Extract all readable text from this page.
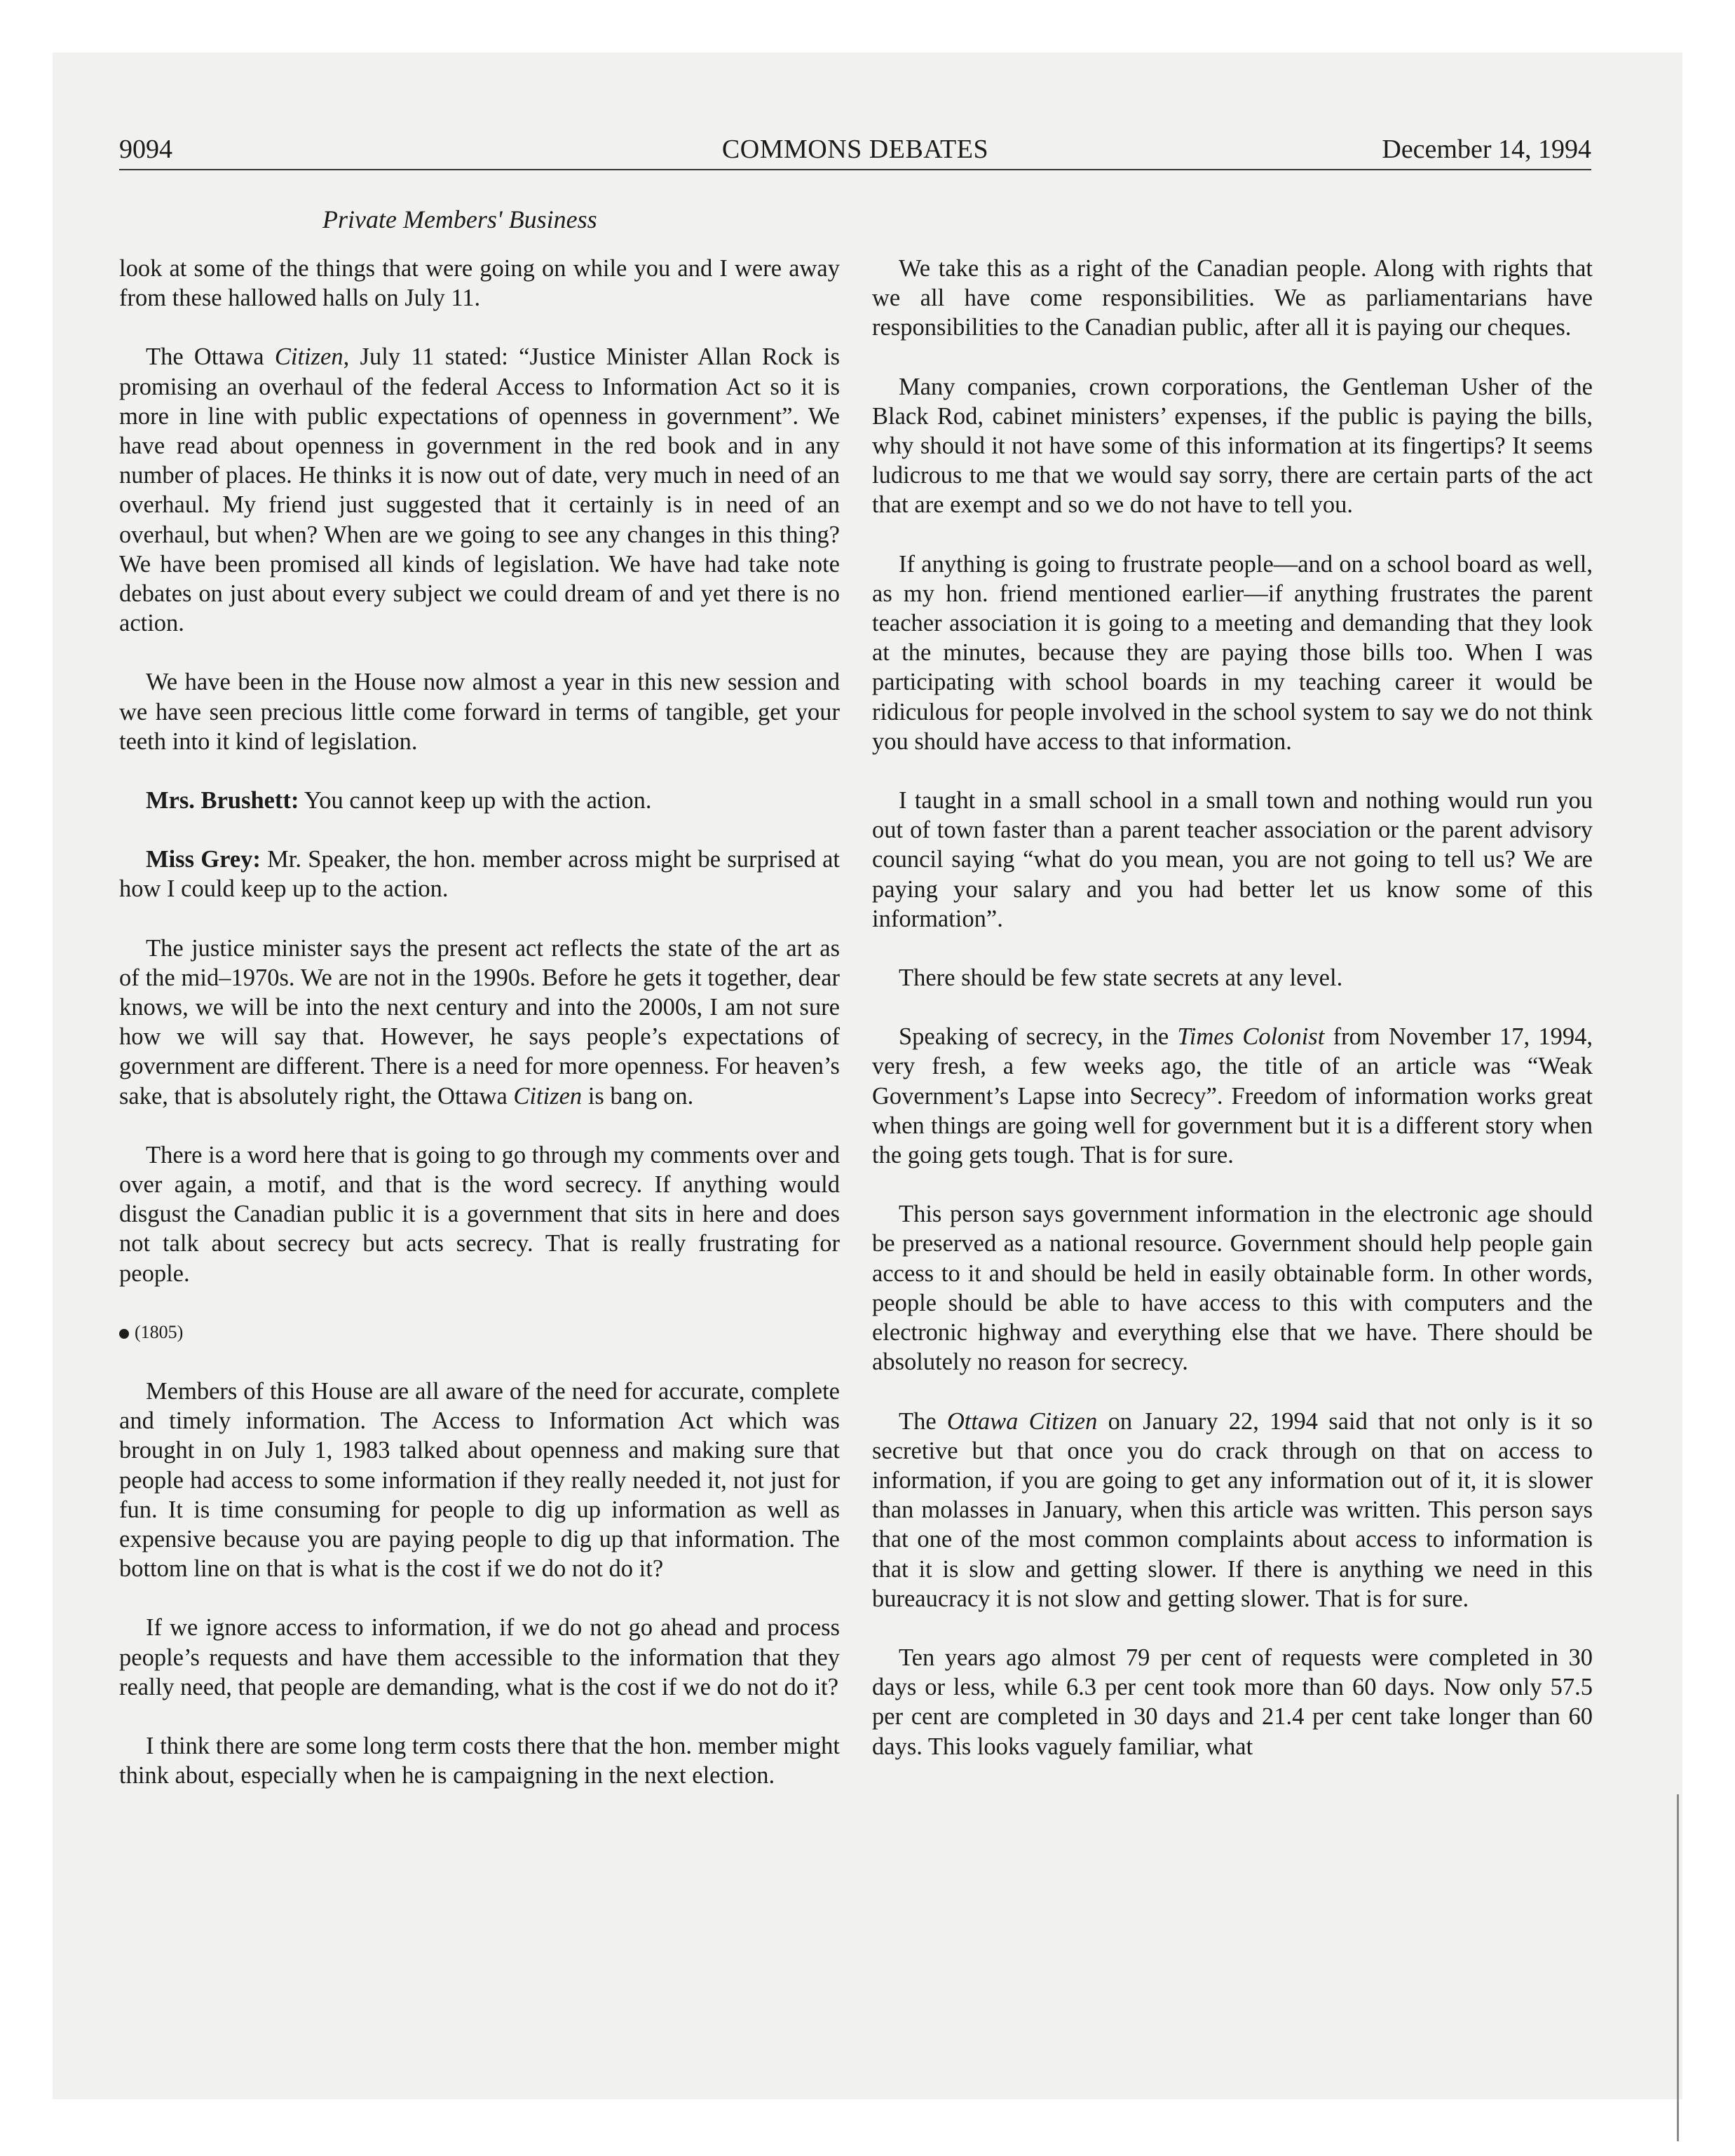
9094	COMMONS DEBATES	December 14, 1994
Private Members' Business

look at some of the things that were going on while you and I were away from these hallowed halls on July 11.

The Ottawa Citizen, July 11 stated: “Justice Minister Allan Rock is promising an overhaul of the federal Access to Information Act so it is more in line with public expectations of openness in government”. We have read about openness in government in the red book and in any number of places. He thinks it is now out of date, very much in need of an overhaul. My friend just suggested that it certainly is in need of an overhaul, but when? When are we going to see any changes in this thing? We have been promised all kinds of legislation. We have had take note debates on just about every subject we could dream of and yet there is no action.

We have been in the House now almost a year in this new session and we have seen precious little come forward in terms of tangible, get your teeth into it kind of legislation.

Mrs. Brushett: You cannot keep up with the action.

Miss Grey: Mr. Speaker, the hon. member across might be surprised at how I could keep up to the action.

The justice minister says the present act reflects the state of the art as of the mid–1970s. We are not in the 1990s. Before he gets it together, dear knows, we will be into the next century and into the 2000s, I am not sure how we will say that. However, he says people’s expectations of government are different. There is a need for more openness. For heaven’s sake, that is absolutely right, the Ottawa Citizen is bang on.

There is a word here that is going to go through my comments over and over again, a motif, and that is the word secrecy. If anything would disgust the Canadian public it is a government that sits in here and does not talk about secrecy but acts secrecy. That is really frustrating for people.

(1805)

Members of this House are all aware of the need for accurate, complete and timely information. The Access to Information Act which was brought in on July 1, 1983 talked about openness and making sure that people had access to some information if they really needed it, not just for fun. It is time consuming for people to dig up information as well as expensive because you are paying people to dig up that information. The bottom line on that is what is the cost if we do not do it?

If we ignore access to information, if we do not go ahead and process people’s requests and have them accessible to the information that they really need, that people are demanding, what is the cost if we do not do it?

I think there are some long term costs there that the hon. member might think about, especially when he is campaigning in the next election.

We take this as a right of the Canadian people. Along with rights that we all have come responsibilities. We as parliamentarians have responsibilities to the Canadian public, after all it is paying our cheques.

Many companies, crown corporations, the Gentleman Usher of the Black Rod, cabinet ministers’ expenses, if the public is paying the bills, why should it not have some of this information at its fingertips? It seems ludicrous to me that we would say sorry, there are certain parts of the act that are exempt and so we do not have to tell you.

If anything is going to frustrate people—and on a school board as well, as my hon. friend mentioned earlier—if anything frustrates the parent teacher association it is going to a meeting and demanding that they look at the minutes, because they are paying those bills too. When I was participating with school boards in my teaching career it would be ridiculous for people involved in the school system to say we do not think you should have access to that information.

I taught in a small school in a small town and nothing would run you out of town faster than a parent teacher association or the parent advisory council saying “what do you mean, you are not going to tell us? We are paying your salary and you had better let us know some of this information”.

There should be few state secrets at any level.

Speaking of secrecy, in the Times Colonist from November 17, 1994, very fresh, a few weeks ago, the title of an article was “Weak Government’s Lapse into Secrecy”. Freedom of information works great when things are going well for government but it is a different story when the going gets tough. That is for sure.

This person says government information in the electronic age should be preserved as a national resource. Government should help people gain access to it and should be held in easily obtainable form. In other words, people should be able to have access to this with computers and the electronic highway and everything else that we have. There should be absolutely no reason for secrecy.

The Ottawa Citizen on January 22, 1994 said that not only is it so secretive but that once you do crack through on that on access to information, if you are going to get any information out of it, it is slower than molasses in January, when this article was written. This person says that one of the most common complaints about access to information is that it is slow and getting slower. If there is anything we need in this bureaucracy it is not slow and getting slower. That is for sure.

Ten years ago almost 79 per cent of requests were completed in 30 days or less, while 6.3 per cent took more than 60 days. Now only 57.5 per cent are completed in 30 days and 21.4 per cent take longer than 60 days. This looks vaguely familiar, what
